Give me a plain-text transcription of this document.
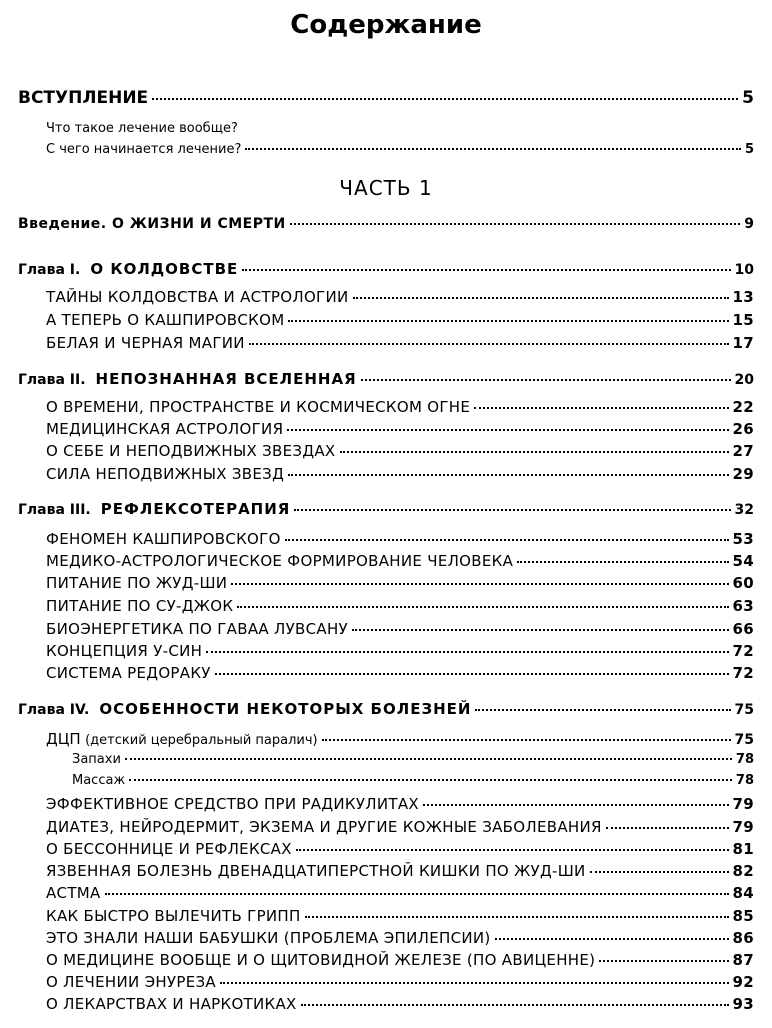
Содержание
ВСТУПЛЕНИЕ	5
Что такое лечение вообще?
С чего начинается лечение?	5
ЧАСТЬ 1
Введение. О ЖИЗНИ И СМЕРТИ	9
Глава I. О КОЛДОВСТВЕ	10
ТАЙНЫ КОЛДОВСТВА И АСТРОЛОГИИ	13
А ТЕПЕРЬ О КАШПИРОВСКОМ	15
БЕЛАЯ И ЧЕРНАЯ МАГИИ	17
Глава II. НЕПОЗНАННАЯ ВСЕЛЕННАЯ	20
О ВРЕМЕНИ, ПРОСТРАНСТВЕ И КОСМИЧЕСКОМ ОГНЕ	22
МЕДИЦИНСКАЯ АСТРОЛОГИЯ	26
О СЕБЕ И НЕПОДВИЖНЫХ ЗВЕЗДАХ	27
СИЛА НЕПОДВИЖНЫХ ЗВЕЗД	29
Глава III. РЕФЛЕКСОТЕРАПИЯ	32
ФЕНОМЕН КАШПИРОВСКОГО	53
МЕДИКО-АСТРОЛОГИЧЕСКОЕ ФОРМИРОВАНИЕ ЧЕЛОВЕКА	54
ПИТАНИЕ ПО ЖУД-ШИ	60
ПИТАНИЕ ПО СУ-ДЖОК	63
БИОЭНЕРГЕТИКА ПО ГАВАА ЛУВСАНУ	66
КОНЦЕПЦИЯ У-СИН	72
СИСТЕМА РЕДОРАКУ	72
Глава IV. ОСОБЕННОСТИ НЕКОТОРЫХ БОЛЕЗНЕЙ	75
ДЦП (детский церебральный паралич)	75
Запахи	78
Массаж	78
ЭФФЕКТИВНОЕ СРЕДСТВО ПРИ РАДИКУЛИТАХ	79
ДИАТЕЗ, НЕЙРОДЕРМИТ, ЭКЗЕМА И ДРУГИЕ КОЖНЫЕ ЗАБОЛЕВАНИЯ	79
О БЕССОННИЦЕ И РЕФЛЕКСАХ	81
ЯЗВЕННАЯ БОЛЕЗНЬ ДВЕНАДЦАТИПЕРСТНОЙ КИШКИ ПО ЖУД-ШИ	82
АСТМА	84
КАК БЫСТРО ВЫЛЕЧИТЬ ГРИПП	85
ЭТО ЗНАЛИ НАШИ БАБУШКИ (ПРОБЛЕМА ЭПИЛЕПСИИ)	86
О МЕДИЦИНЕ ВООБЩЕ И О ЩИТОВИДНОЙ ЖЕЛЕЗЕ (ПО АВИЦЕННЕ)	87
О ЛЕЧЕНИИ ЭНУРЕЗА	92
О ЛЕКАРСТВАХ И НАРКОТИКАХ	93
